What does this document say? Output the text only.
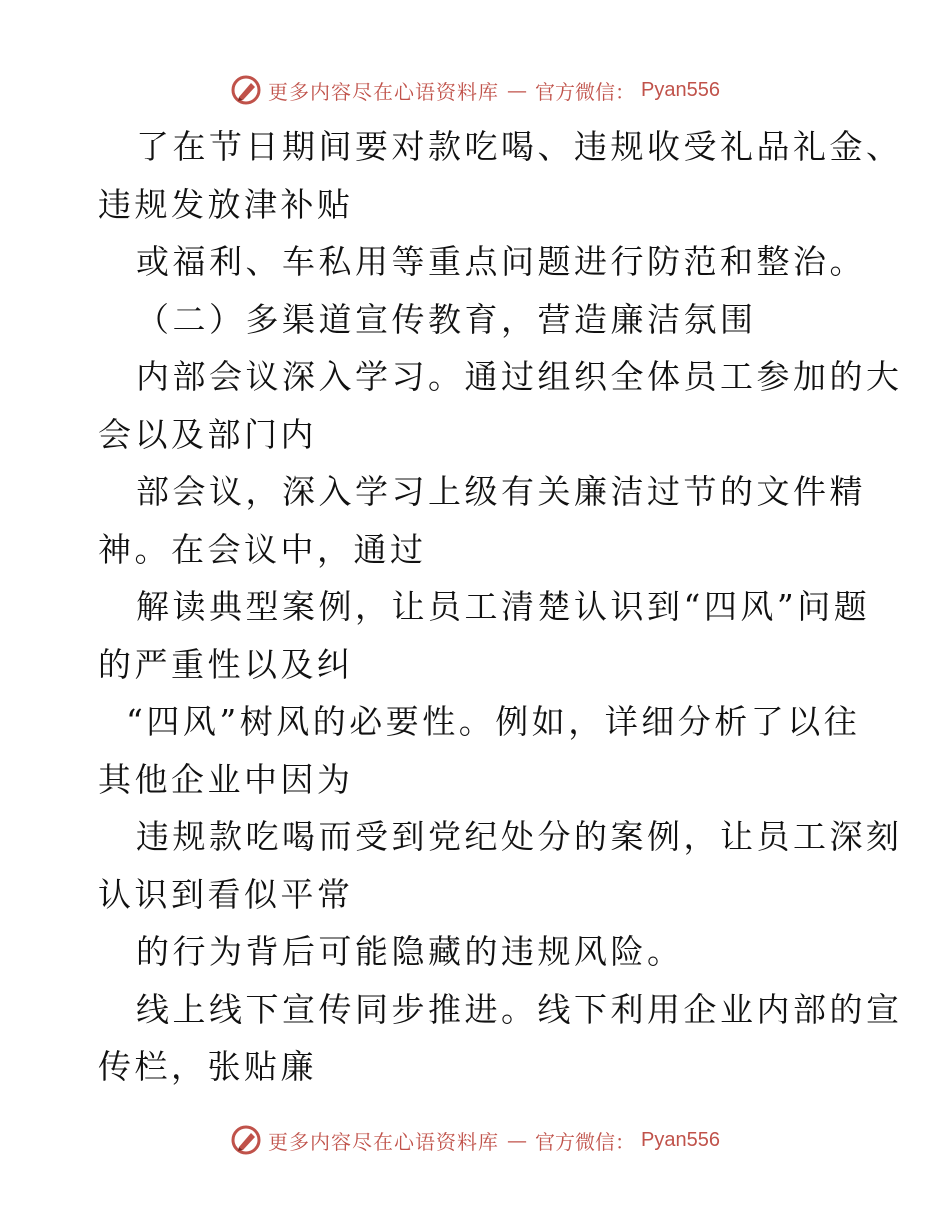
更多内容尽在心语资料库 — 官方微信： Pyan556
了在节日期间要对款吃喝、违规收受礼品礼金、
违规发放津补贴
或福利、车私用等重点问题进行防范和整治。
（二）多渠道宣传教育，营造廉洁氛围
内部会议深入学习。通过组织全体员工参加的大
会以及部门内
部会议，深入学习上级有关廉洁过节的文件精
神。在会议中，通过
解读典型案例，让员工清楚认识到“四风”问题
的严重性以及纠
“四风”树风的必要性。例如，详细分析了以往
其他企业中因为
违规款吃喝而受到党纪处分的案例，让员工深刻
认识到看似平常
的行为背后可能隐藏的违规风险。
线上线下宣传同步推进。线下利用企业内部的宣
传栏，张贴廉
更多内容尽在心语资料库 — 官方微信： Pyan556
